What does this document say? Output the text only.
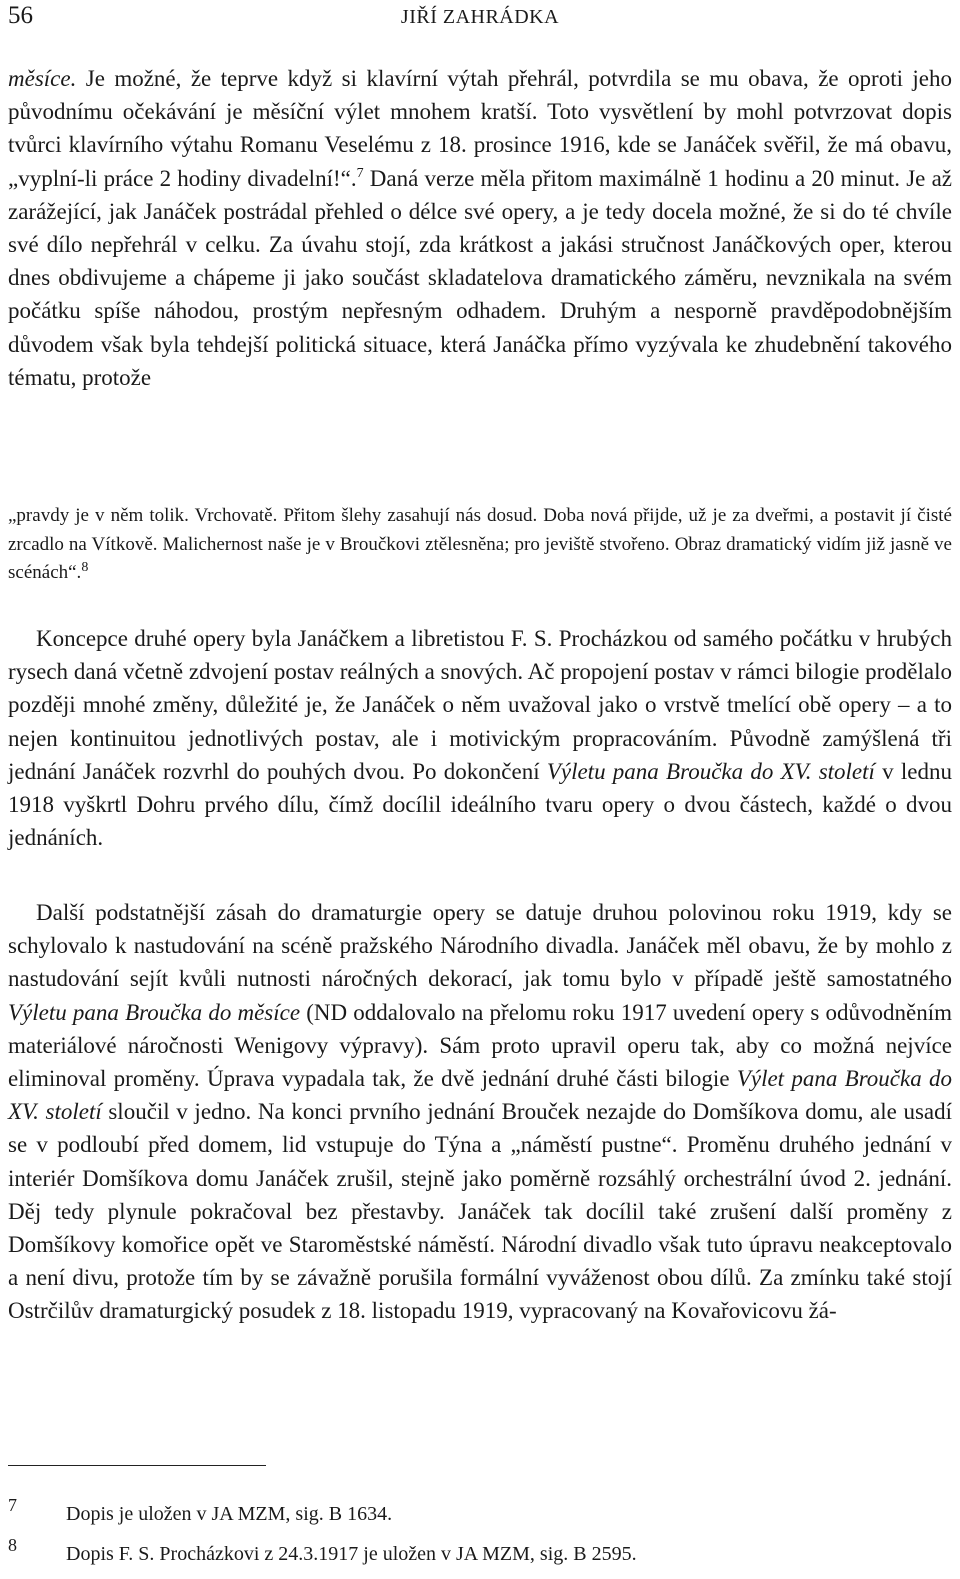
56	JIŘÍ ZAHRÁDKA
měsíce. Je možné, že teprve když si klavírní výtah přehrál, potvrdila se mu obava, že oproti jeho původnímu očekávání je měsíční výlet mnohem kratší. Toto vysvětlení by mohl potvrzovat dopis tvůrci klavírního výtahu Romanu Veselému z 18. prosince 1916, kde se Janáček svěřil, že má obavu, „vyplní-li práce 2 hodiny divadelní!“.$^7$ Daná verze měla přitom maximálně 1 hodinu a 20 minut. Je až zarážející, jak Janáček postrádal přehled o délce své opery, a je tedy docela možné, že si do té chvíle své dílo nepřehrál v celku. Za úvahu stojí, zda krátkost a jakási stručnost Janáčkových oper, kterou dnes obdivujeme a chápeme ji jako součást skladatelova dramatického záměru, nevznikala na svém počátku spíše náhodou, prostým nepřesným odhadem. Druhým a nesporně pravděpodobnějším důvodem však byla tehdejší politická situace, která Janáčka přímo vyzývala ke zhudebnění takového tématu, protože
„pravdy je v něm tolik. Vrchovatě. Přitom šlehy zasahují nás dosud. Doba nová přijde, už je za dveřmi, a postavit jí čisté zrcadlo na Vítkově. Malichernost naše je v Broučkovi ztělesněna; pro jeviště stvořeno. Obraz dramatický vidím již jasně ve scénách“.$^8$
Koncepce druhé opery byla Janáčkem a libretistou F. S. Procházkou od samého počátku v hrubých rysech daná včetně zdvojení postav reálných a snových. Ač propojení postav v rámci bilogie prodělalo později mnohé změny, důležité je, že Janáček o něm uvažoval jako o vrstvě tmelící obě opery – a to nejen kontinuitou jednotlivých postav, ale i motivickým propracováním. Původně zamýšlená tři jednání Janáček rozvrhl do pouhých dvou. Po dokončení Výletu pana Broučka do XV. století v lednu 1918 vyškrtl Dohru prvého dílu, čímž docílil ideálního tvaru opery o dvou částech, každé o dvou jednáních.
Další podstatnější zásah do dramaturgie opery se datuje druhou polovinou roku 1919, kdy se schylovalo k nastudování na scéně pražského Národního divadla. Janáček měl obavu, že by mohlo z nastudování sejít kvůli nutnosti náročných dekorací, jak tomu bylo v případě ještě samostatného Výletu pana Broučka do měsíce (ND oddalovalo na přelomu roku 1917 uvedení opery s odůvodněním materiálové náročnosti Wenigovy výpravy). Sám proto upravil operu tak, aby co možná nejvíce eliminoval proměny. Úprava vypadala tak, že dvě jednání druhé části bilogie Výlet pana Broučka do XV. století sloučil v jedno. Na konci prvního jednání Brouček nezajde do Domšíkova domu, ale usadí se v podloubí před domem, lid vstupuje do Týna a „náměstí pustne“. Proměnu druhého jednání v interiér Domšíkova domu Janáček zrušil, stejně jako poměrně rozsáhlý orchestrální úvod 2. jednání. Děj tedy plynule pokračoval bez přestavby. Janáček tak docílil také zrušení další proměny z Domšíkovy komořice opět ve Staroměstské náměstí. Národní divadlo však tuto úpravu neakceptovalo a není divu, protože tím by se závažně porušila formální vyváženost obou dílů. Za zmínku také stojí Ostrčilův dramaturgický posudek z 18. listopadu 1919, vypracovaný na Kovařovicovu žá-
7 Dopis je uložen v JA MZM, sig. B 1634.
8 Dopis F. S. Procházkovi z 24.3.1917 je uložen v JA MZM, sig. B 2595.
